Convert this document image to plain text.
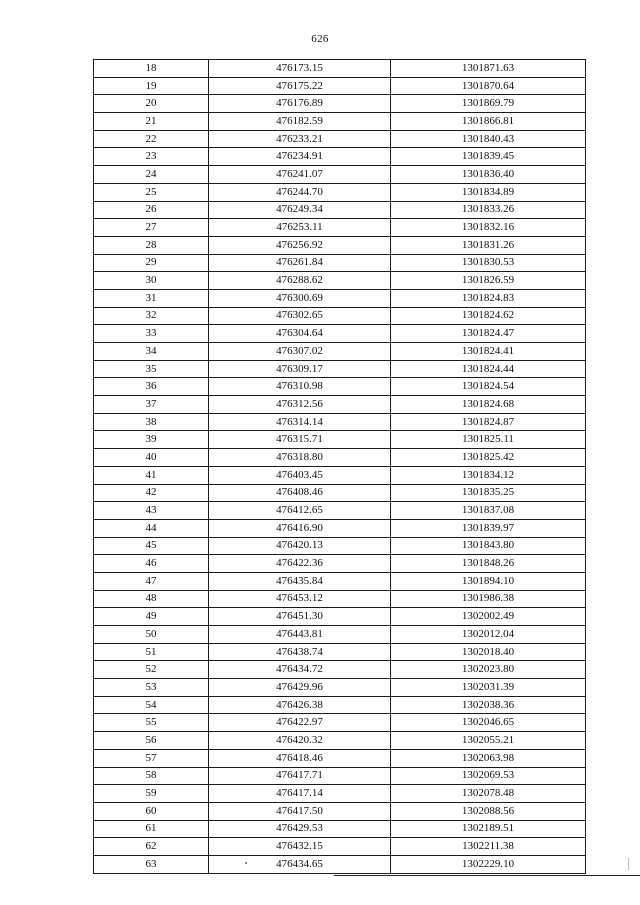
626
18	476173.15	1301871.63
19	476175.22	1301870.64
20	476176.89	1301869.79
21	476182.59	1301866.81
22	476233.21	1301840.43
23	476234.91	1301839.45
24	476241.07	1301836.40
25	476244.70	1301834.89
26	476249.34	1301833.26
27	476253.11	1301832.16
28	476256.92	1301831.26
29	476261.84	1301830.53
30	476288.62	1301826.59
31	476300.69	1301824.83
32	476302.65	1301824.62
33	476304.64	1301824.47
34	476307.02	1301824.41
35	476309.17	1301824.44
36	476310.98	1301824.54
37	476312.56	1301824.68
38	476314.14	1301824.87
39	476315.71	1301825.11
40	476318.80	1301825.42
41	476403.45	1301834.12
42	476408.46	1301835.25
43	476412.65	1301837.08
44	476416.90	1301839.97
45	476420.13	1301843.80
46	476422.36	1301848.26
47	476435.84	1301894.10
48	476453.12	1301986.38
49	476451.30	1302002.49
50	476443.81	1302012.04
51	476438.74	1302018.40
52	476434.72	1302023.80
53	476429.96	1302031.39
54	476426.38	1302038.36
55	476422.97	1302046.65
56	476420.32	1302055.21
57	476418.46	1302063.98
58	476417.71	1302069.53
59	476417.14	1302078.48
60	476417.50	1302088.56
61	476429.53	1302189.51
62	476432.15	1302211.38
63	476434.65	1302229.10
